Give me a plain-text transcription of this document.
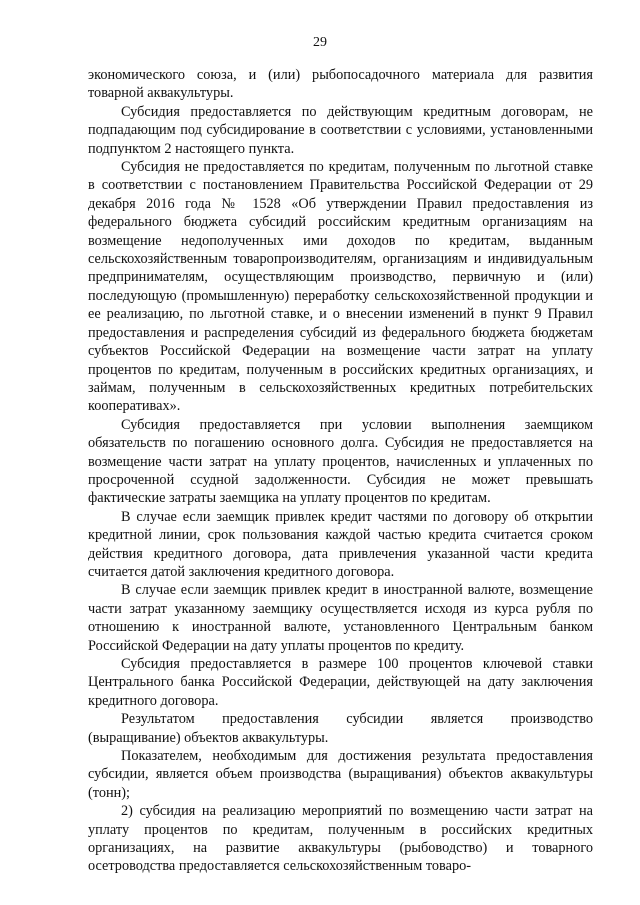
29

экономического союза, и (или) рыбопосадочного материала для развития товарной аквакультуры.

Субсидия предоставляется по действующим кредитным договорам, не подпадающим под субсидирование в соответствии с условиями, установленными подпунктом 2 настоящего пункта.

Субсидия не предоставляется по кредитам, полученным по льготной ставке в соответствии с постановлением Правительства Российской Федерации от 29 декабря 2016 года № 1528 «Об утверждении Правил предоставления из федерального бюджета субсидий российским кредитным организациям на возмещение недополученных ими доходов по кредитам, выданным сельскохозяйственным товаропроизводителям, организациям и индивидуальным предпринимателям, осуществляющим производство, первичную и (или) последующую (промышленную) переработку сельскохозяйственной продукции и ее реализацию, по льготной ставке, и о внесении изменений в пункт 9 Правил предоставления и распределения субсидий из федерального бюджета бюджетам субъектов Российской Федерации на возмещение части затрат на уплату процентов по кредитам, полученным в российских кредитных организациях, и займам, полученным в сельскохозяйственных кредитных потребительских кооперативах».

Субсидия предоставляется при условии выполнения заемщиком обязательств по погашению основного долга. Субсидия не предоставляется на возмещение части затрат на уплату процентов, начисленных и уплаченных по просроченной ссудной задолженности. Субсидия не может превышать фактические затраты заемщика на уплату процентов по кредитам.

В случае если заемщик привлек кредит частями по договору об открытии кредитной линии, срок пользования каждой частью кредита считается сроком действия кредитного договора, дата привлечения указанной части кредита считается датой заключения кредитного договора.

В случае если заемщик привлек кредит в иностранной валюте, возмещение части затрат указанному заемщику осуществляется исходя из курса рубля по отношению к иностранной валюте, установленного Центральным банком Российской Федерации на дату уплаты процентов по кредиту.

Субсидия предоставляется в размере 100 процентов ключевой ставки Центрального банка Российской Федерации, действующей на дату заключения кредитного договора.

Результатом предоставления субсидии является производство (выращивание) объектов аквакультуры.

Показателем, необходимым для достижения результата предоставления субсидии, является объем производства (выращивания) объектов аквакультуры (тонн);

2) субсидия на реализацию мероприятий по возмещению части затрат на уплату процентов по кредитам, полученным в российских кредитных организациях, на развитие аквакультуры (рыбоводство) и товарного осетроводства предоставляется сельскохозяйственным товаро-
